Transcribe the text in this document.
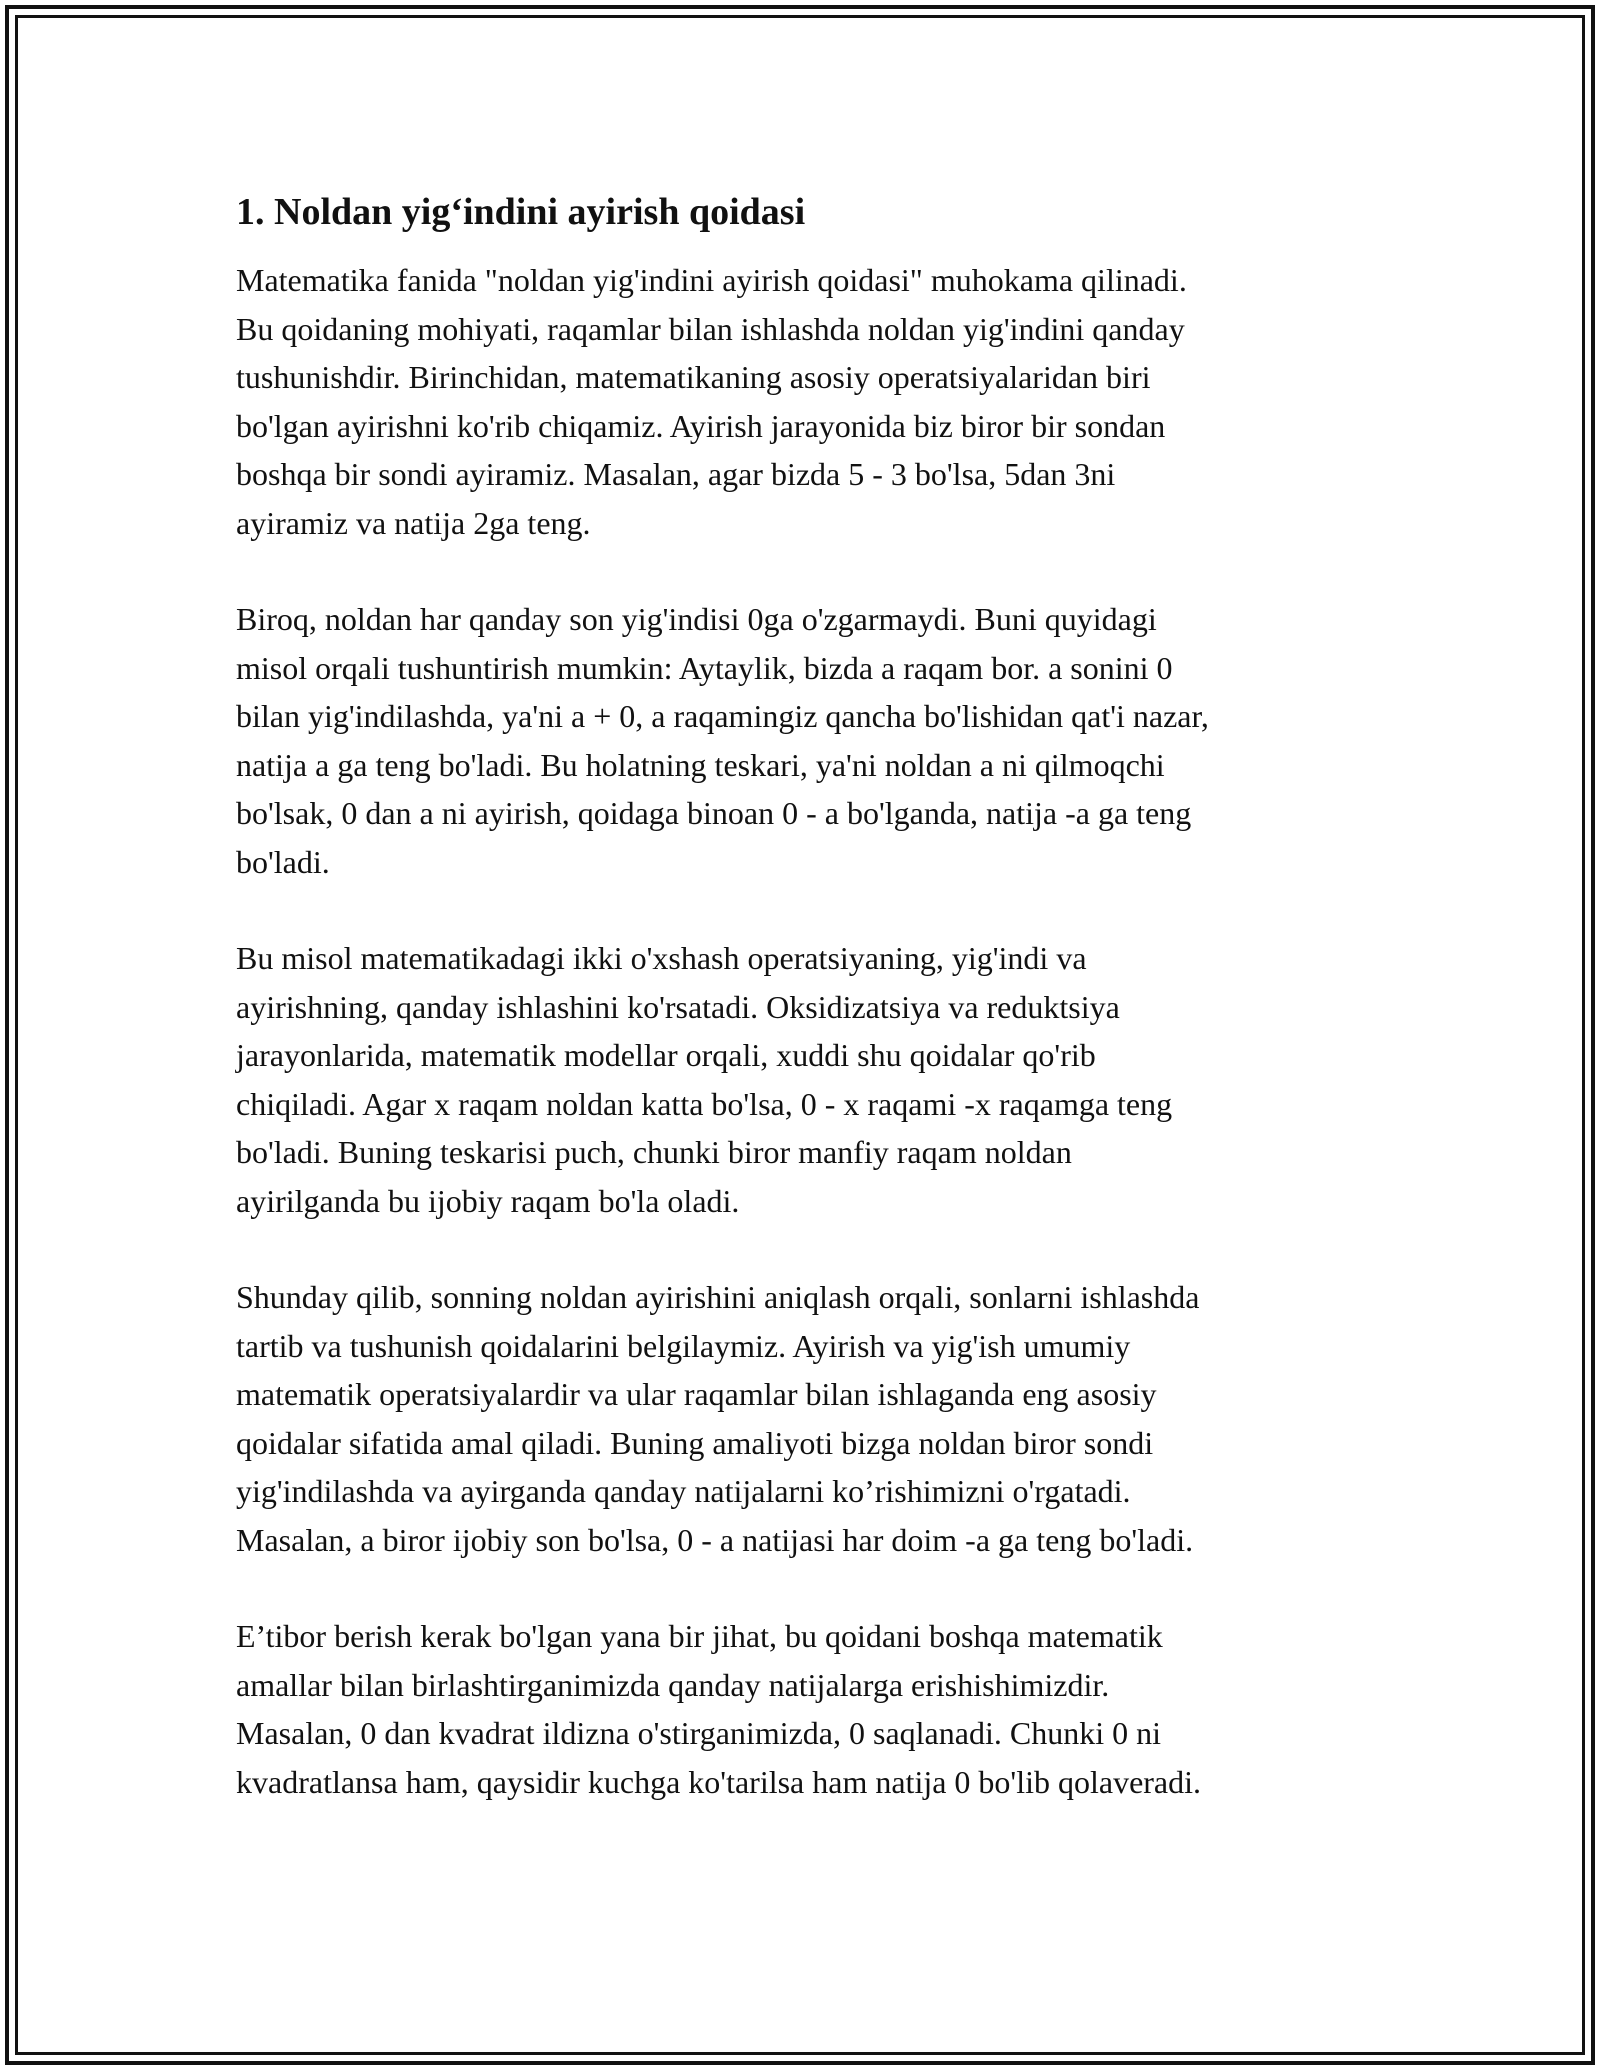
1. Noldan yig‘indini ayirish qoidasi

Matematika fanida "noldan yig'indini ayirish qoidasi" muhokama qilinadi.
Bu qoidaning mohiyati, raqamlar bilan ishlashda noldan yig'indini qanday
tushunishdir. Birinchidan, matematikaning asosiy operatsiyalaridan biri
bo'lgan ayirishni ko'rib chiqamiz. Ayirish jarayonida biz biror bir sondan
boshqa bir sondi ayiramiz. Masalan, agar bizda 5 - 3 bo'lsa, 5dan 3ni
ayiramiz va natija 2ga teng.

Biroq, noldan har qanday son yig'indisi 0ga o'zgarmaydi. Buni quyidagi
misol orqali tushuntirish mumkin: Aytaylik, bizda a raqam bor. a sonini 0
bilan yig'indilashda, ya'ni a + 0, a raqamingiz qancha bo'lishidan qat'i nazar,
natija a ga teng bo'ladi. Bu holatning teskari, ya'ni noldan a ni qilmoqchi
bo'lsak, 0 dan a ni ayirish, qoidaga binoan 0 - a bo'lganda, natija -a ga teng
bo'ladi.

Bu misol matematikadagi ikki o'xshash operatsiyaning, yig'indi va
ayirishning, qanday ishlashini ko'rsatadi. Oksidizatsiya va reduktsiya
jarayonlarida, matematik modellar orqali, xuddi shu qoidalar qo'rib
chiqiladi. Agar x raqam noldan katta bo'lsa, 0 - x raqami -x raqamga teng
bo'ladi. Buning teskarisi puch, chunki biror manfiy raqam noldan
ayirilganda bu ijobiy raqam bo'la oladi.

Shunday qilib, sonning noldan ayirishini aniqlash orqali, sonlarni ishlashda
tartib va tushunish qoidalarini belgilaymiz. Ayirish va yig'ish umumiy
matematik operatsiyalardir va ular raqamlar bilan ishlaganda eng asosiy
qoidalar sifatida amal qiladi. Buning amaliyoti bizga noldan biror sondi
yig'indilashda va ayirganda qanday natijalarni ko’rishimizni o'rgatadi.
Masalan, a biror ijobiy son bo'lsa, 0 - a natijasi har doim -a ga teng bo'ladi.

E’tibor berish kerak bo'lgan yana bir jihat, bu qoidani boshqa matematik
amallar bilan birlashtirganimizda qanday natijalarga erishishimizdir.
Masalan, 0 dan kvadrat ildizna o'stirganimizda, 0 saqlanadi. Chunki 0 ni
kvadratlansa ham, qaysidir kuchga ko'tarilsa ham natija 0 bo'lib qolaveradi.
